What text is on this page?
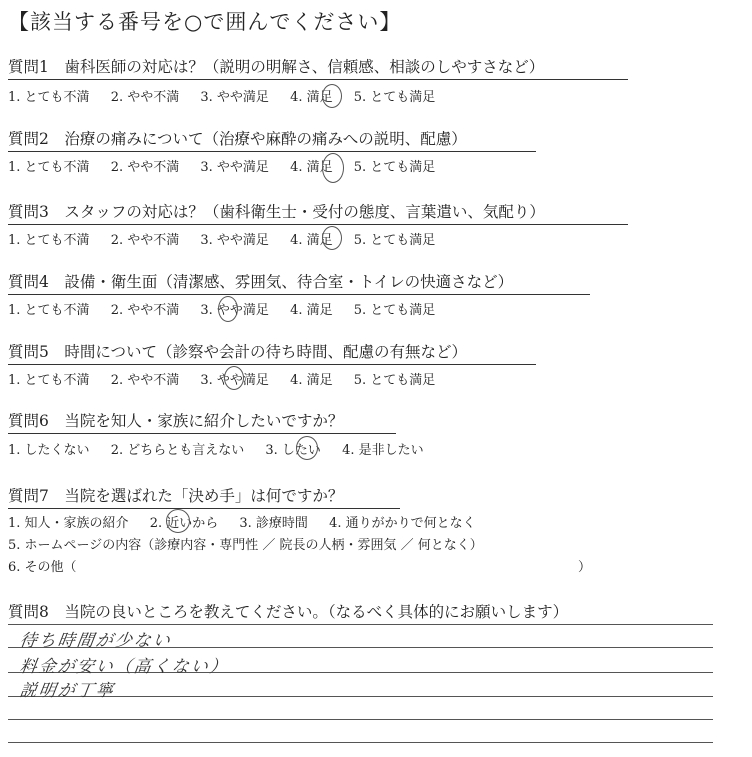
【該当する番号を○で囲んでください】
質問1　歯科医師の対応は？（説明の明解さ、信頼感、相談のしやすさなど）
1. とても不満 2. やや不満 3. やや満足 4. 満足 5. とても満足
質問2　治療の痛みについて（治療や麻酔の痛みへの説明、配慮）
1. とても不満 2. やや不満 3. やや満足 4. 満足 5. とても満足
質問3　スタッフの対応は？（歯科衛生士・受付の態度、言葉遣い、気配り）
1. とても不満 2. やや不満 3. やや満足 4. 満足 5. とても満足
質問4　設備・衛生面（清潔感、雰囲気、待合室・トイレの快適さなど）
1. とても不満 2. やや不満 3. やや満足 4. 満足 5. とても満足
質問5　時間について（診察や会計の待ち時間、配慮の有無など）
1. とても不満 2. やや不満 3. やや満足 4. 満足 5. とても満足
質問6　当院を知人・家族に紹介したいですか？
1. したくない 2. どちらとも言えない 3. したい 4. 是非したい
質問7　当院を選ばれた「決め手」は何ですか？
1. 知人・家族の紹介 2. 近いから 3. 診療時間 4. 通りがかりで何となく
5. ホームページの内容（診療内容・専門性 ／ 院長の人柄・雰囲気 ／ 何となく）
6. その他（	）
質問8　当院の良いところを教えてください。（なるべく具体的にお願いします）
待ち時間が少ない
料金が安い（高くない）
説明が丁寧
